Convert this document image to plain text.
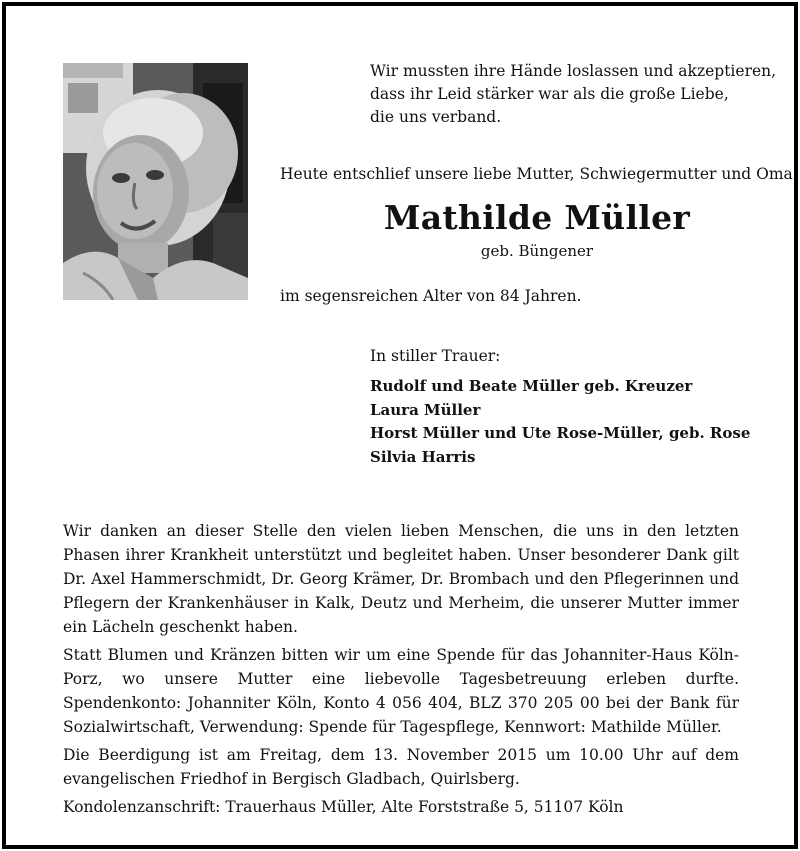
Wir mussten ihre Hände loslassen und akzeptieren,
dass ihr Leid stärker war als die große Liebe,
die uns verband.
Heute entschlief unsere liebe Mutter, Schwiegermutter und Oma
Mathilde Müller
geb. Büngener
im segensreichen Alter von 84 Jahren.
In stiller Trauer:
Rudolf und Beate Müller geb. Kreuzer
Laura Müller
Horst Müller und Ute Rose-Müller, geb. Rose
Silvia Harris

Wir danken an dieser Stelle den vielen lieben Menschen, die uns in den letzten Phasen ihrer Krankheit unterstützt und begleitet haben. Unser besonderer Dank gilt Dr. Axel Hammerschmidt, Dr. Georg Krämer, Dr. Brombach und den Pflegerinnen und Pflegern der Krankenhäuser in Kalk, Deutz und Merheim, die unserer Mutter immer ein Lächeln geschenkt haben.

Statt Blumen und Kränzen bitten wir um eine Spende für das Johanniter-Haus Köln-Porz, wo unsere Mutter eine liebevolle Tagesbetreuung erleben durfte. Spendenkonto: Johanniter Köln, Konto 4 056 404, BLZ 370 205 00 bei der Bank für Sozialwirtschaft, Verwendung: Spende für Tagespflege, Kennwort: Mathilde Müller.

Die Beerdigung ist am Freitag, dem 13. November 2015 um 10.00 Uhr auf dem evangelischen Friedhof in Bergisch Gladbach, Quirlsberg.

Kondolenzanschrift: Trauerhaus Müller, Alte Forststraße 5, 51107 Köln
